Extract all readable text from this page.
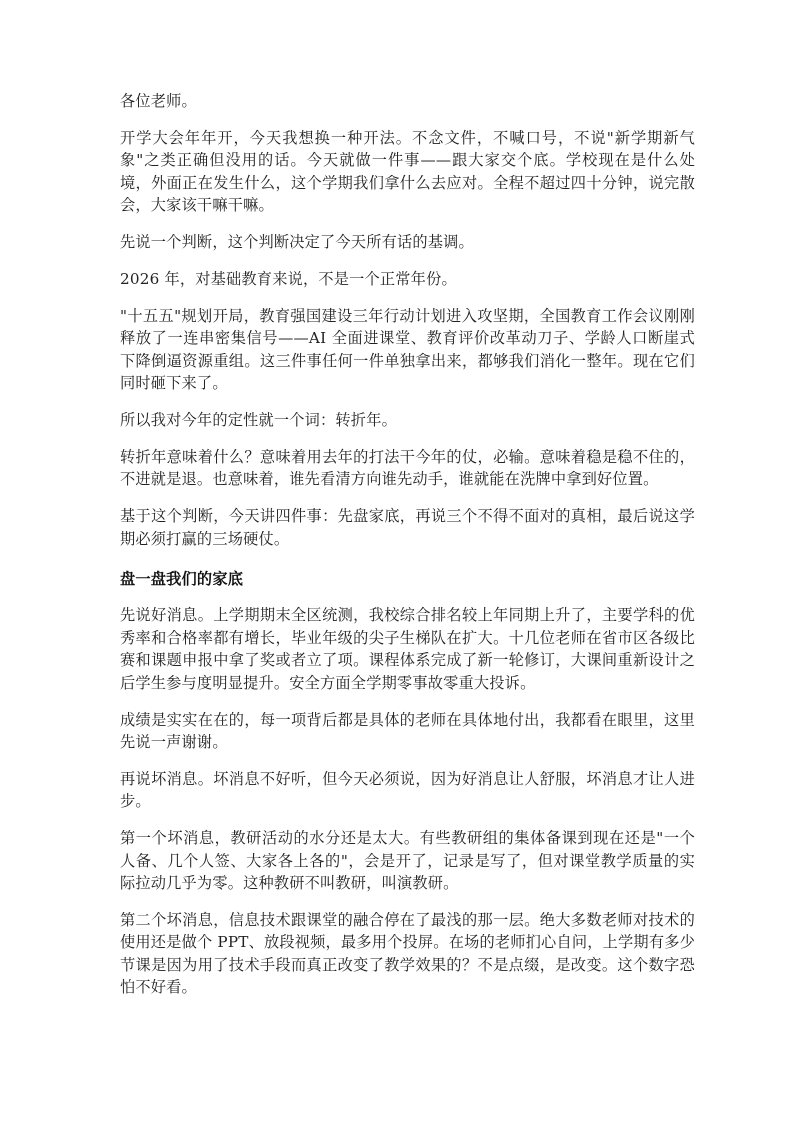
各位老师。

开学大会年年开，今天我想换一种开法。不念文件，不喊口号，不说"新学期新气象"之类正确但没用的话。今天就做一件事——跟大家交个底。学校现在是什么处境，外面正在发生什么，这个学期我们拿什么去应对。全程不超过四十分钟，说完散会，大家该干嘛干嘛。

先说一个判断，这个判断决定了今天所有话的基调。

2026 年，对基础教育来说，不是一个正常年份。

"十五五"规划开局，教育强国建设三年行动计划进入攻坚期，全国教育工作会议刚刚释放了一连串密集信号——AI 全面进课堂、教育评价改革动刀子、学龄人口断崖式下降倒逼资源重组。这三件事任何一件单独拿出来，都够我们消化一整年。现在它们同时砸下来了。

所以我对今年的定性就一个词：转折年。

转折年意味着什么？意味着用去年的打法干今年的仗，必输。意味着稳是稳不住的，不进就是退。也意味着，谁先看清方向谁先动手，谁就能在洗牌中拿到好位置。

基于这个判断，今天讲四件事：先盘家底，再说三个不得不面对的真相，最后说这学期必须打赢的三场硬仗。

盘一盘我们的家底

先说好消息。上学期期末全区统测，我校综合排名较上年同期上升了，主要学科的优秀率和合格率都有增长，毕业年级的尖子生梯队在扩大。十几位老师在省市区各级比赛和课题申报中拿了奖或者立了项。课程体系完成了新一轮修订，大课间重新设计之后学生参与度明显提升。安全方面全学期零事故零重大投诉。

成绩是实实在在的，每一项背后都是具体的老师在具体地付出，我都看在眼里，这里先说一声谢谢。

再说坏消息。坏消息不好听，但今天必须说，因为好消息让人舒服，坏消息才让人进步。

第一个坏消息，教研活动的水分还是太大。有些教研组的集体备课到现在还是"一个人备、几个人签、大家各上各的"，会是开了，记录是写了，但对课堂教学质量的实际拉动几乎为零。这种教研不叫教研，叫演教研。

第二个坏消息，信息技术跟课堂的融合停在了最浅的那一层。绝大多数老师对技术的使用还是做个 PPT、放段视频，最多用个投屏。在场的老师扪心自问，上学期有多少节课是因为用了技术手段而真正改变了教学效果的？不是点缀，是改变。这个数字恐怕不好看。
